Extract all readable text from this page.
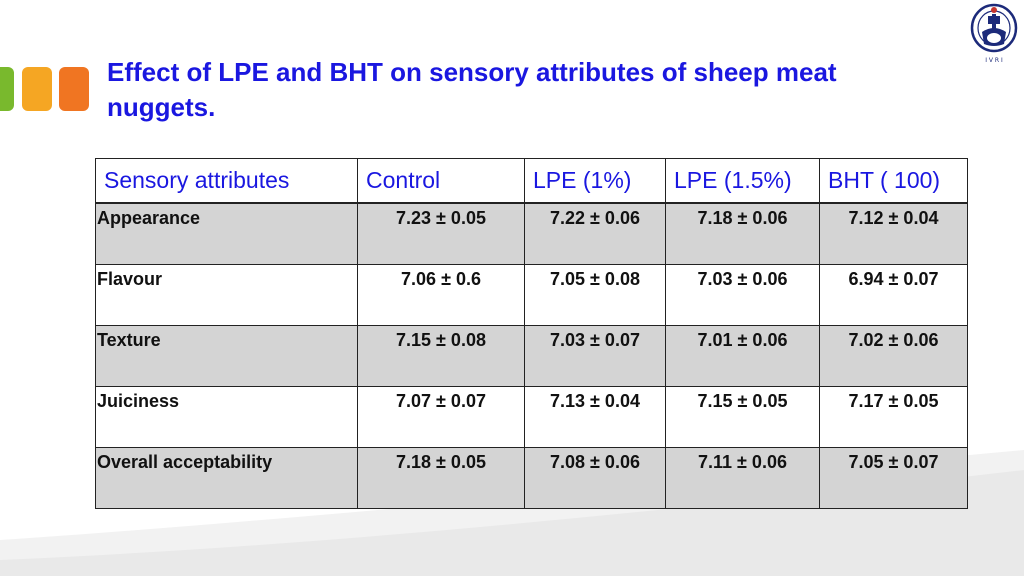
I V R I
Effect of LPE and BHT on sensory attributes of sheep meat nuggets.
Sensory attributes	Control	LPE (1%)	LPE (1.5%)	BHT ( 100)
Appearance	7.23 ± 0.05	7.22 ± 0.06	7.18 ± 0.06	7.12 ± 0.04
Flavour	7.06 ± 0.6	7.05 ± 0.08	7.03 ± 0.06	6.94 ± 0.07
Texture	7.15 ± 0.08	7.03 ± 0.07	7.01 ± 0.06	7.02 ± 0.06
Juiciness	7.07 ± 0.07	7.13 ± 0.04	7.15 ± 0.05	7.17 ± 0.05
Overall acceptability	7.18 ± 0.05	7.08 ± 0.06	7.11 ± 0.06	7.05 ± 0.07
